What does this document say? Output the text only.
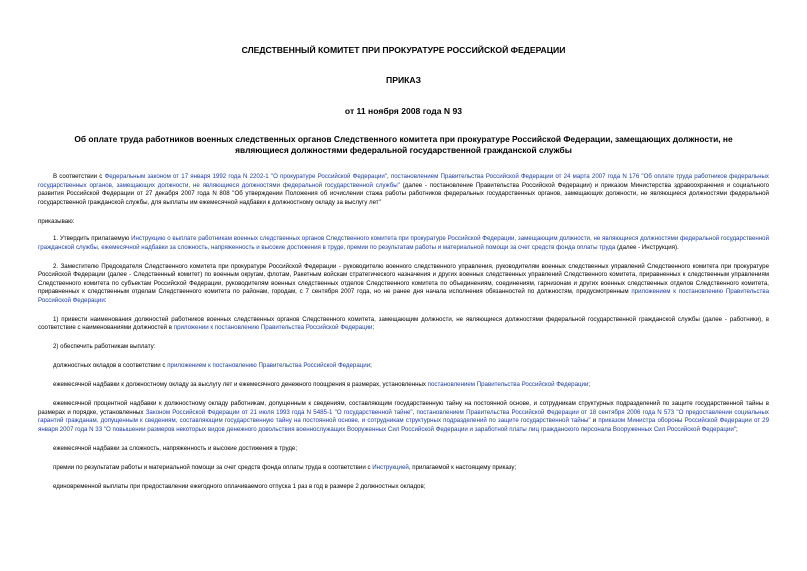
СЛЕДСТВЕННЫЙ КОМИТЕТ ПРИ ПРОКУРАТУРЕ РОССИЙСКОЙ ФЕДЕРАЦИИ
ПРИКАЗ
от 11 ноября 2008 года N 93
Об оплате труда работников военных следственных органов Следственного комитета при прокуратуре Российской Федерации, замещающих должности, не являющиеся должностями федеральной государственной гражданской службы

В соответствии с Федеральным законом от 17 января 1992 года N 2202-1 "О прокуратуре Российской Федерации", постановлением Правительства Российской Федерации от 24 марта 2007 года N 176 "Об оплате труда работников федеральных государственных органов, замещающих должности, не являющиеся должностями федеральной государственной службы" (далее - постановление Правительства Российской Федерации) и приказом Министерства здравоохранения и социального развития Российской Федерации от 27 декабря 2007 года N 808 "Об утверждении Положения об исчислении стажа работы работников федеральных государственных органов, замещающих должности, не являющиеся должностями федеральной государственной гражданской службы, для выплаты им ежемесячной надбавки к должностному окладу за выслугу лет"

приказываю:

1. Утвердить прилагаемую Инструкцию о выплате работникам военных следственных органов Следственного комитета при прокуратуре Российской Федерации, замещающим должности, не являющиеся должностями федеральной государственной гражданской службы, ежемесячной надбавки за сложность, напряженность и высокие достижения в труде, премии по результатам работы и материальной помощи за счет средств фонда оплаты труда (далее - Инструкция).

2. Заместителю Председателя Следственного комитета при прокуратуре Российской Федерации - руководителю военного следственного управления, руководителям военных следственных управлений Следственного комитета при прокуратуре Российской Федерации (далее - Следственный комитет) по военным округам, флотам, Ракетным войскам стратегического назначения и других военных следственных управлений Следственного комитета, приравненных к следственным управлениям Следственного комитета по субъектам Российской Федерации, руководителям военных следственных отделов Следственного комитета по объединениям, соединениям, гарнизонам и других военных следственных отделов Следственного комитета, приравненных к следственным отделам Следственного комитета по районам, городам, с 7 сентября 2007 года, но не ранее дня начала исполнения обязанностей по должностям, предусмотренным приложением к постановлению Правительства Российской Федерации:

1) привести наименования должностей работников военных следственных органов Следственного комитета, замещающим должности, не являющиеся должностями федеральной государственной гражданской службы (далее - работники), в соответствие с наименованиями должностей в приложении к постановлению Правительства Российской Федерации;

2) обеспечить работникам выплату:

должностных окладов в соответствии с приложением к постановлению Правительства Российской Федерации;

ежемесячной надбавки к должностному окладу за выслугу лет и ежемесячного денежного поощрения в размерах, установленных постановлением Правительства Российской Федерации;

ежемесячной процентной надбавки к должностному окладу работникам, допущенным к сведениям, составляющим государственную тайну на постоянной основе, и сотрудникам структурных подразделений по защите государственной тайны в размерах и порядке, установленных Законом Российской Федерации от 21 июля 1993 года N 5485-1 "О государственной тайне", постановлением Правительства Российской Федерации от 18 сентября 2006 года N 573 "О предоставлении социальных гарантий гражданам, допущенным к сведениям, составляющим государственную тайну на постоянной основе, и сотрудникам структурных подразделений по защите государственной тайны" и приказом Министра обороны Российской Федерации от 29 января 2007 года N 33 "О повышении размеров некоторых видов денежного довольствия военнослужащих Вооруженных Сил Российской Федерации и заработной платы лиц гражданского персонала Вооруженных Сил Российской Федерации";

ежемесячной надбавки за сложность, напряженность и высокие достижения в труде;

премии по результатам работы и материальной помощи за счет средств фонда оплаты труда в соответствии с Инструкцией, прилагаемой к настоящему приказу;

единовременной выплаты при предоставлении ежегодного оплачиваемого отпуска 1 раз в год в размере 2 должностных окладов;
